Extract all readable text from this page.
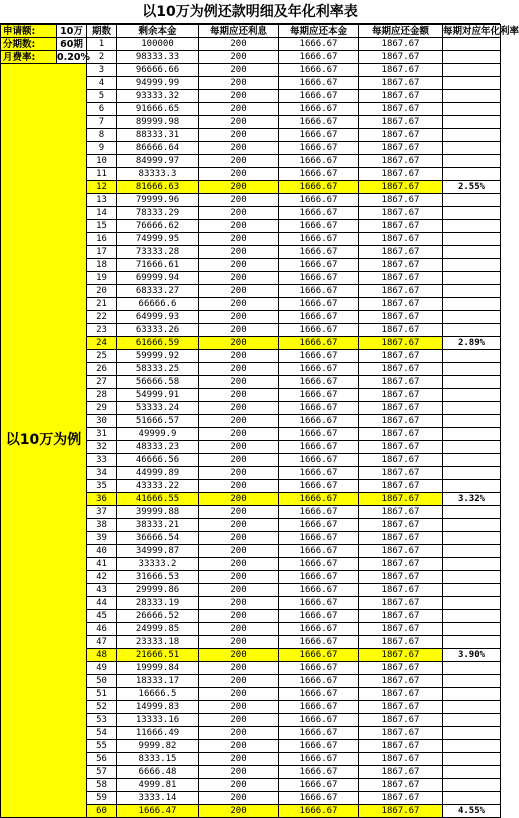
以10万为例还款明细及年化利率表
申请额:	10万	期数	剩余本金	每期应还利息	每期应还本金	每期应还金额	每期对应年化利率
分期数:	60期	1	100000	200	1666.67	1867.67	
月费率:	0.20%	2	98333.33	200	1666.67	1867.67	
以10万为例		3	96666.66	200	1666.67	1867.67	
		4	94999.99	200	1666.67	1867.67	
		5	93333.32	200	1666.67	1867.67	
		6	91666.65	200	1666.67	1867.67	
		7	89999.98	200	1666.67	1867.67	
		8	88333.31	200	1666.67	1867.67	
		9	86666.64	200	1666.67	1867.67	
		10	84999.97	200	1666.67	1867.67	
		11	83333.3	200	1666.67	1867.67	
		12	81666.63	200	1666.67	1867.67	2.55%
		13	79999.96	200	1666.67	1867.67	
		14	78333.29	200	1666.67	1867.67	
		15	76666.62	200	1666.67	1867.67	
		16	74999.95	200	1666.67	1867.67	
		17	73333.28	200	1666.67	1867.67	
		18	71666.61	200	1666.67	1867.67	
		19	69999.94	200	1666.67	1867.67	
		20	68333.27	200	1666.67	1867.67	
		21	66666.6	200	1666.67	1867.67	
		22	64999.93	200	1666.67	1867.67	
		23	63333.26	200	1666.67	1867.67	
		24	61666.59	200	1666.67	1867.67	2.89%
		25	59999.92	200	1666.67	1867.67	
		26	58333.25	200	1666.67	1867.67	
		27	56666.58	200	1666.67	1867.67	
		28	54999.91	200	1666.67	1867.67	
		29	53333.24	200	1666.67	1867.67	
		30	51666.57	200	1666.67	1867.67	
		31	49999.9	200	1666.67	1867.67	
		32	48333.23	200	1666.67	1867.67	
		33	46666.56	200	1666.67	1867.67	
		34	44999.89	200	1666.67	1867.67	
		35	43333.22	200	1666.67	1867.67	
		36	41666.55	200	1666.67	1867.67	3.32%
		37	39999.88	200	1666.67	1867.67	
		38	38333.21	200	1666.67	1867.67	
		39	36666.54	200	1666.67	1867.67	
		40	34999.87	200	1666.67	1867.67	
		41	33333.2	200	1666.67	1867.67	
		42	31666.53	200	1666.67	1867.67	
		43	29999.86	200	1666.67	1867.67	
		44	28333.19	200	1666.67	1867.67	
		45	26666.52	200	1666.67	1867.67	
		46	24999.85	200	1666.67	1867.67	
		47	23333.18	200	1666.67	1867.67	
		48	21666.51	200	1666.67	1867.67	3.90%
		49	19999.84	200	1666.67	1867.67	
		50	18333.17	200	1666.67	1867.67	
		51	16666.5	200	1666.67	1867.67	
		52	14999.83	200	1666.67	1867.67	
		53	13333.16	200	1666.67	1867.67	
		54	11666.49	200	1666.67	1867.67	
		55	9999.82	200	1666.67	1867.67	
		56	8333.15	200	1666.67	1867.67	
		57	6666.48	200	1666.67	1867.67	
		58	4999.81	200	1666.67	1867.67	
		59	3333.14	200	1666.67	1867.67	
		60	1666.47	200	1666.67	1867.67	4.55%
